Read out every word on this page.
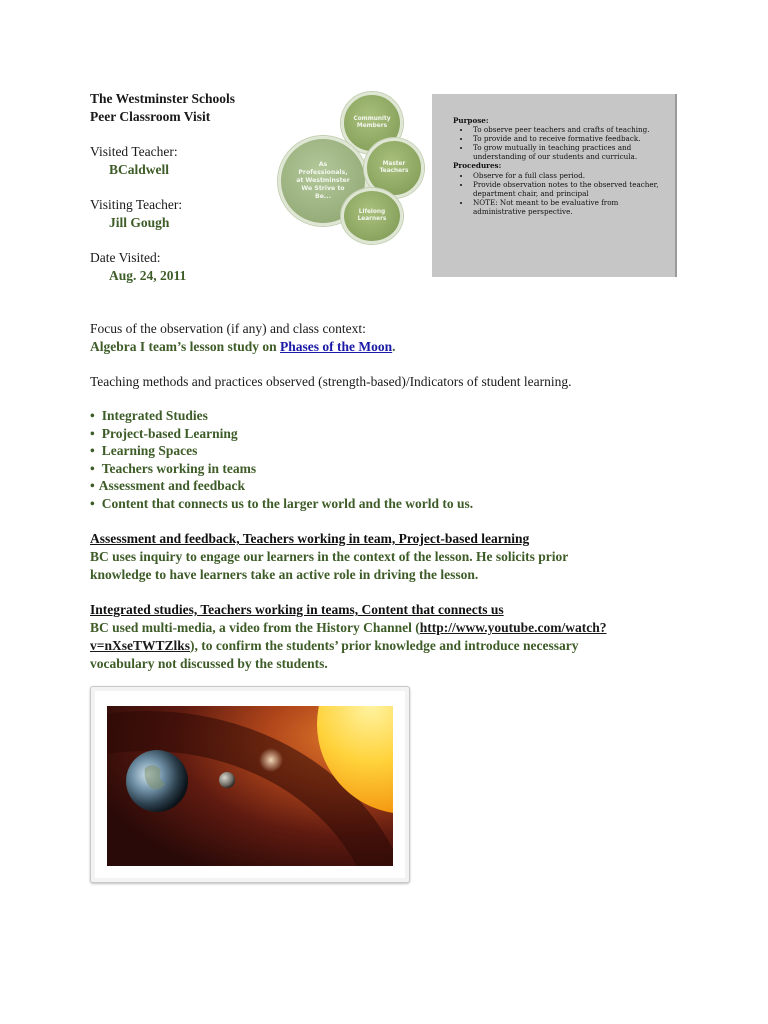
The Westminster Schools
Peer Classroom Visit
Visited Teacher:
BCaldwell
Visiting Teacher:
Jill Gough
Date Visited:
Aug. 24, 2011
Community Members
As Professionals, at Westminster We Strive to Be...
Master Teachers
Lifelong Learners
Purpose:
• To observe peer teachers and crafts of teaching.
• To provide and to receive formative feedback.
• To grow mutually in teaching practices and understanding of our students and curricula.
Procedures:
• Observe for a full class period.
• Provide observation notes to the observed teacher, department chair, and principal
• NOTE: Not meant to be evaluative from administrative perspective.
Focus of the observation (if any) and class context:
Algebra I team’s lesson study on Phases of the Moon.
Teaching methods and practices observed (strength-based)/Indicators of student learning.
• Integrated Studies
• Project-based Learning
• Learning Spaces
• Teachers working in teams
• Assessment and feedback
• Content that connects us to the larger world and the world to us.
Assessment and feedback, Teachers working in team, Project-based learning
BC uses inquiry to engage our learners in the context of the lesson. He solicits prior
knowledge to have learners take an active role in driving the lesson.
Integrated studies, Teachers working in teams, Content that connects us
BC used multi-media, a video from the History Channel (http://www.youtube.com/watch?
v=nXseTWTZlks), to confirm the students’ prior knowledge and introduce necessary
vocabulary not discussed by the students.
